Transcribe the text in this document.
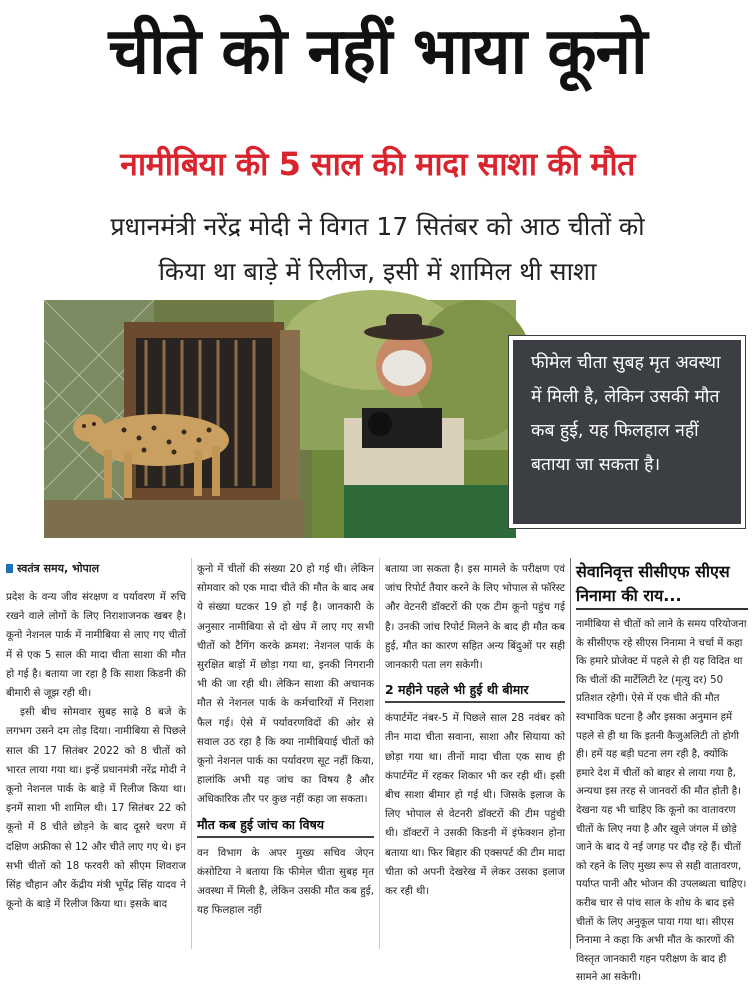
चीते को नहीं भाया कूनो
नामीबिया की 5 साल की मादा साशा की मौत
प्रधानमंत्री नरेंद्र मोदी ने विगत 17 सितंबर को आठ चीतों को
किया था बाड़े में रिलीज, इसी में शामिल थी साशा
फीमेल चीता सुबह मृत अवस्था में मिली है, लेकिन उसकी मौत कब हुई, यह फिलहाल नहीं बताया जा सकता है।
स्वतंत्र समय, भोपाल

प्रदेश के वन्य जीव संरक्षण व पर्यावरण में रुचि रखने वाले लोगों के लिए निराशाजनक खबर है। कूनो नेशनल पार्क में नामीबिया से लाए गए चीतों में से एक 5 साल की मादा चीता साशा की मौत हो गई है। बताया जा रहा है कि साशा किडनी की बीमारी से जूझ रही थी।

इसी बीच सोमवार सुबह साढ़े 8 बजे के लगभग उसने दम तोड़ दिया। नामीबिया से पिछले साल की 17 सितंबर 2022 को 8 चीतों को भारत लाया गया था। इन्हें प्रधानमंत्री नरेंद्र मोदी ने कूनो नेशनल पार्क के बाड़े में रिलीज किया था। इनमें साशा भी शामिल थी। 17 सितंबर 22 को कूनो में 8 चीते छोड़ने के बाद दूसरे चरण में दक्षिण अफ्रीका से 12 और चीते लाए गए थे। इन सभी चीतों को 18 फरवरी को सीएम शिवराज सिंह चौहान और केंद्रीय मंत्री भूपेंद्र सिंह यादव ने कूनो के बाड़े में रिलीज किया था। इसके बाद

कूनो में चीतों की संख्या 20 हो गई थी। लेकिन सोमवार को एक मादा चीते की मौत के बाद अब ये संख्या घटकर 19 हो गई है। जानकारी के अनुसार नामीबिया से दो खेप में लाए गए सभी चीतों को टैगिंग करके क्रमश: नेशनल पार्क के सुरक्षित बाड़ों में छोड़ा गया था, इनकी निगरानी भी की जा रही थी। लेकिन साशा की अचानक मौत से नेशनल पार्क के कर्मचारियों में निराशा फैल गई। ऐसे में पर्यावरणविदों की ओर से सवाल उठ रहा है कि क्या नामीबियाई चीतों को कूनो नेशनल पार्क का पर्यावरण सूट नहीं किया, हालांकि अभी यह जांच का विषय है और अधिकारिक तौर पर कुछ नहीं कहा जा सकता।

मौत कब हुई जांच का विषय

वन विभाग के अपर मुख्य सचिव जेएन कंसोटिया ने बताया कि फीमेल चीता सुबह मृत अवस्था में मिली है, लेकिन उसकी मौत कब हुई, यह फिलहाल नहीं

बताया जा सकता है। इस मामले के परीक्षण एवं जांच रिपोर्ट तैयार करने के लिए भोपाल से फॉरेस्ट और वेटनरी डॉक्टरों की एक टीम कूनो पहुंच गई है। उनकी जांच रिपोर्ट मिलने के बाद ही मौत कब हुई, मौत का कारण सहित अन्य बिंदुओं पर सही जानकारी पता लग सकेगी।

2 महीने पहले भी हुई थी बीमार

कंपार्टमेंट नंबर-5 में पिछले साल 28 नवंबर को तीन मादा चीता सवाना, साशा और सियाया को छोड़ा गया था। तीनों मादा चीता एक साथ ही कंपार्टमेंट में रहकर शिकार भी कर रही थीं। इसी बीच साशा बीमार हो गई थी। जिसके इलाज के लिए भोपाल से वेटनरी डॉक्टरों की टीम पहुंची थी। डॉक्टरों ने उसकी किडनी में इंफेक्शन होना बताया था। फिर बिहार की एक्सपर्ट की टीम मादा चीता को अपनी देखरेख में लेकर उसका इलाज कर रही थी।

सेवानिवृत्त सीसीएफ सीएस निनामा की राय...

नामीबिया से चीतों को लाने के समय परियोजना के सीसीएफ रहे सीएस निनामा ने चर्चा में कहा कि हमारे प्रोजेक्ट में पहले से ही यह विदित था कि चीतों की मार्टेलिटी रेट (मृत्यु दर) 50 प्रतिशत रहेगी। ऐसे में एक चीते की मौत स्वभाविक घटना है और इसका अनुमान हमें पहले से ही था कि इतनी कैजुअलिटी तो होगी ही। हमें यह बड़ी घटना लग रही है, क्योंकि हमारे देश में चीतों को बाहर से लाया गया है, अन्यथा इस तरह से जानवरों की मौत होती है। देखना यह भी चाहिए कि कूनो का वातावरण चीतों के लिए नया है और खुले जंगल में छोड़े जाने के बाद ये नई जगह पर दौड़ रहे हैं। चीतों को रहने के लिए मुख्य रूप से सही वातावरण, पर्याप्त पानी और भोजन की उपलब्धता चाहिए। करीब चार से पांच साल के शोध के बाद इसे चीतों के लिए अनुकूल पाया गया था। सीएस निनामा ने कहा कि अभी मौत के कारणों की विस्तृत जानकारी गहन परीक्षण के बाद ही सामने आ सकेगी।
